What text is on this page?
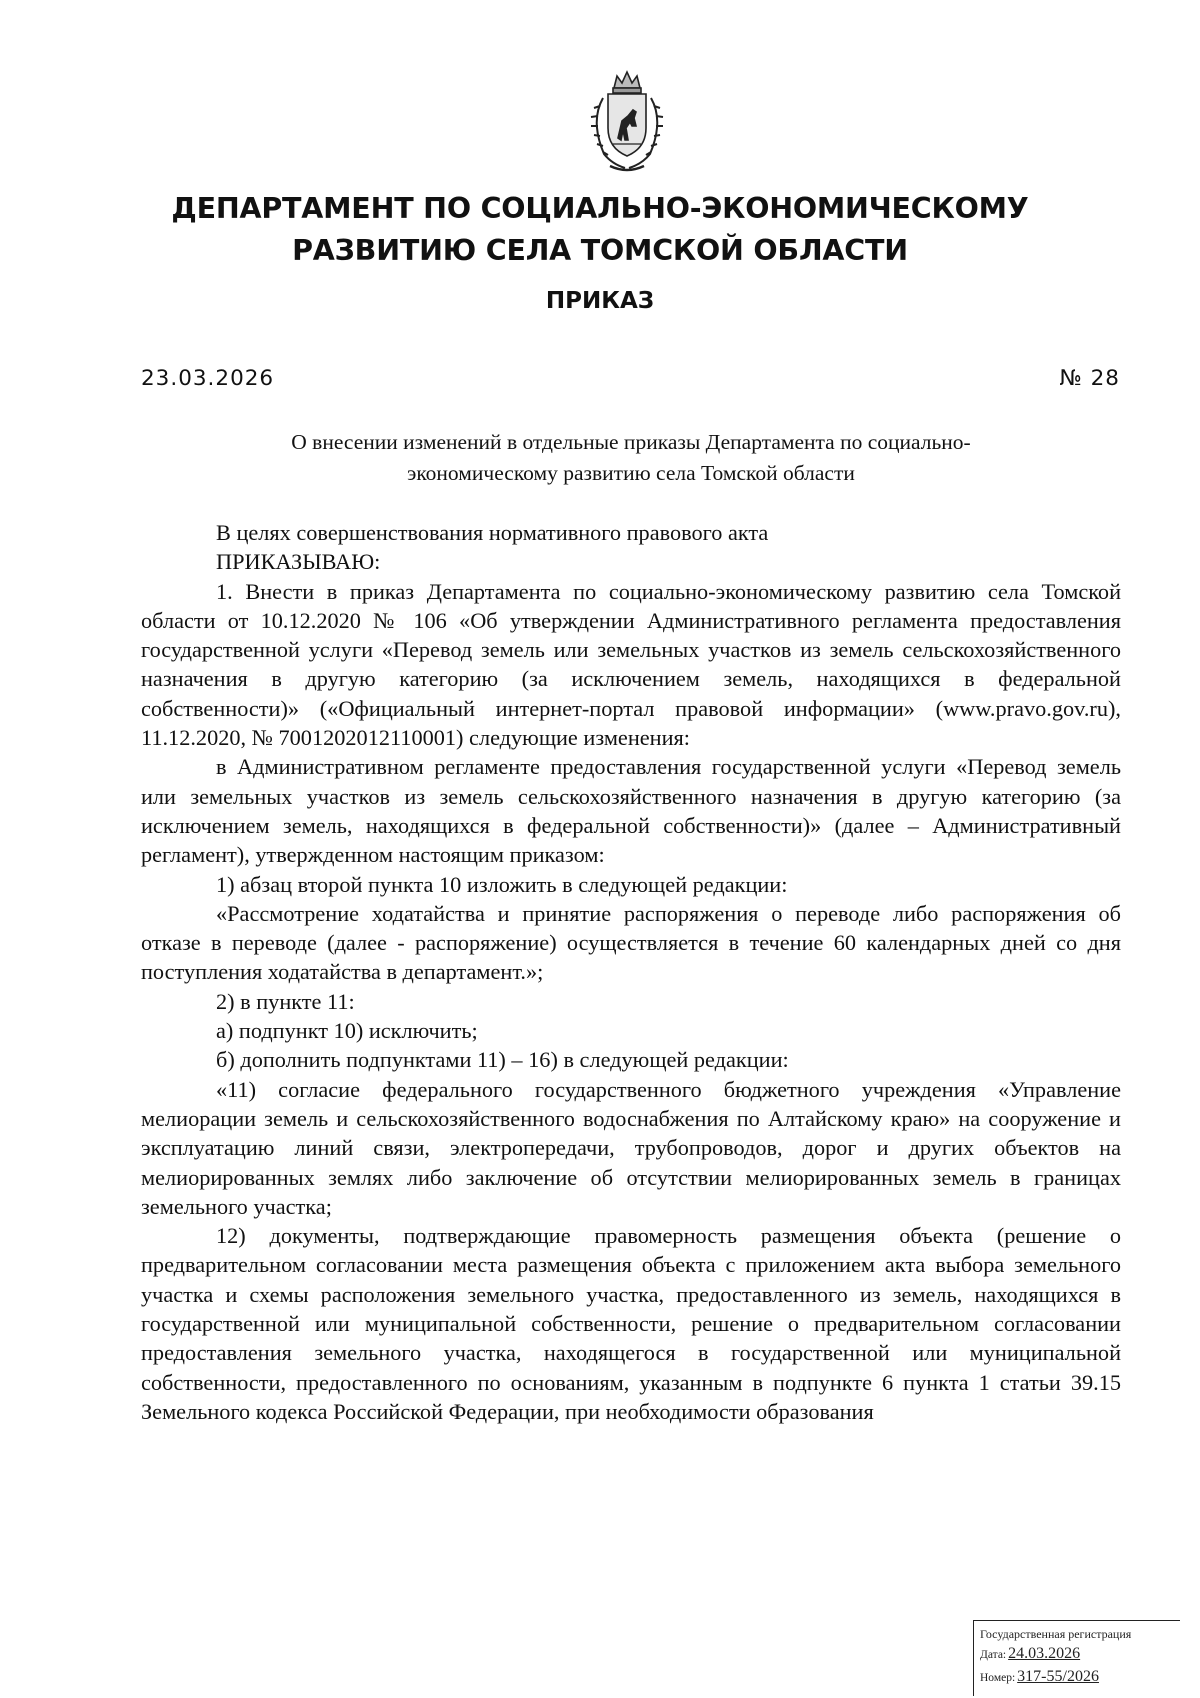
ДЕПАРТАМЕНТ ПО СОЦИАЛЬНО-ЭКОНОМИЧЕСКОМУ
РАЗВИТИЮ СЕЛА ТОМСКОЙ ОБЛАСТИ
ПРИКАЗ
23.03.2026	№ 28
О внесении изменений в отдельные приказы Департамента по социально-
экономическому развитию села Томской области

В целях совершенствования нормативного правового акта

ПРИКАЗЫВАЮ:

1. Внести в приказ Департамента по социально-экономическому развитию села Томской области от 10.12.2020 № 106 «Об утверждении Административного регламента предоставления государственной услуги «Перевод земель или земельных участков из земель сельскохозяйственного назначения в другую категорию (за исключением земель, находящихся в федеральной собственности)» («Официальный интернет-портал правовой информации» (www.pravo.gov.ru), 11.12.2020, № 7001202012110001) следующие изменения:

в Административном регламенте предоставления государственной услуги «Перевод земель или земельных участков из земель сельскохозяйственного назначения в другую категорию (за исключением земель, находящихся в федеральной собственности)» (далее – Административный регламент), утвержденном настоящим приказом:

1) абзац второй пункта 10 изложить в следующей редакции:

«Рассмотрение ходатайства и принятие распоряжения о переводе либо распоряжения об отказе в переводе (далее - распоряжение) осуществляется в течение 60 календарных дней со дня поступления ходатайства в департамент.»;

2) в пункте 11:

а) подпункт 10) исключить;

б) дополнить подпунктами 11) – 16) в следующей редакции:

«11) согласие федерального государственного бюджетного учреждения «Управление мелиорации земель и сельскохозяйственного водоснабжения по Алтайскому краю» на сооружение и эксплуатацию линий связи, электропередачи, трубопроводов, дорог и других объектов на мелиорированных землях либо заключение об отсутствии мелиорированных земель в границах земельного участка;

12) документы, подтверждающие правомерность размещения объекта (решение о предварительном согласовании места размещения объекта с приложением акта выбора земельного участка и схемы расположения земельного участка, предоставленного из земель, находящихся в государственной или муниципальной собственности, решение о предварительном согласовании предоставления земельного участка, находящегося в государственной или муниципальной собственности, предоставленного по основаниям, указанным в подпункте 6 пункта 1 статьи 39.15 Земельного кодекса Российской Федерации, при необходимости образования

Государственная регистрация
Дата: 24.03.2026
Номер: 317-55/2026
